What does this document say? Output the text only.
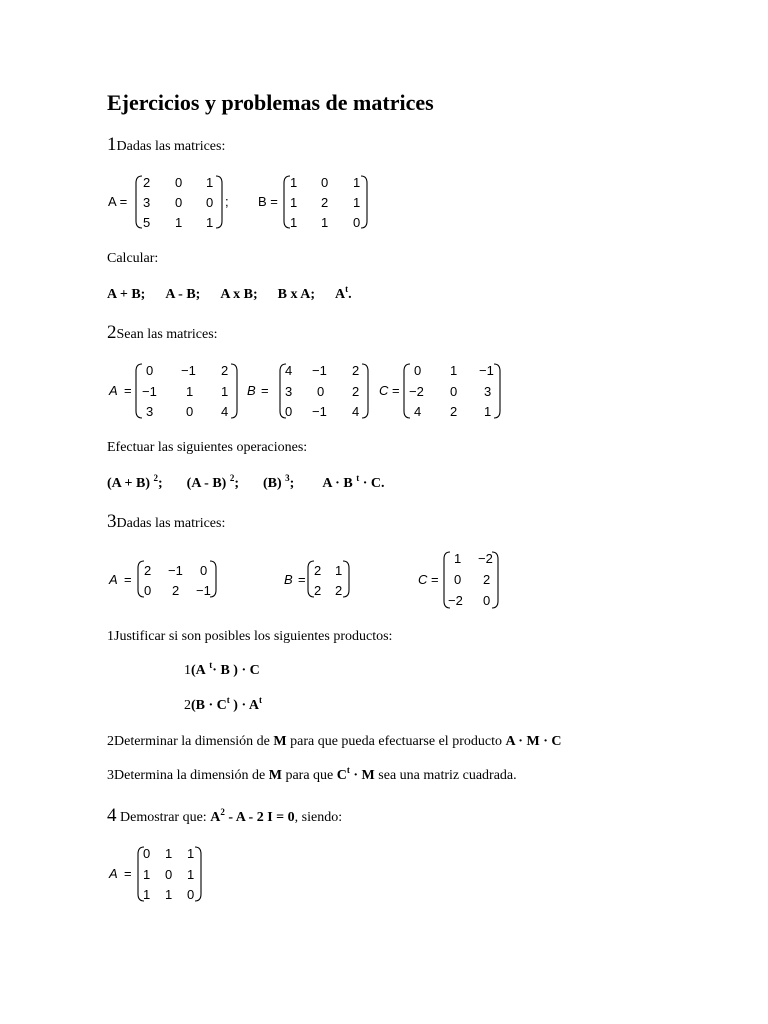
Ejercicios y problemas de matrices
1Dadas las matrices:
A =
2 0 1
3 0 0
5 1 1
; B =
1 0 1
1 2 1
1 1 0
Calcular:
A + B; A - B; A x B; B x A; $A^t$.
2Sean las matrices:
A =
0 −1 2
−1 1 1
3	0 4
B =
4 −1 2
3 0 2
0 −1 4
C =
0 1 −1
−2 0 3
4 2 1
Efectuar las siguientes operaciones:
(A + B) $^2$; (A - B) $^2$; (B) $^3$; A · B $^t$ · C.
3Dadas las matrices:
A =
2 −1 0
0 2 −1
B =
2 1
2 2
C =
1 −2
0 2
−2 0
1Justificar si son posibles los siguientes productos:
1(A $^t$· B ) · C
$2(B \cdot C^t$ ) · $A^t$
2Determinar la dimensión de M para que pueda efectuarse el producto A · M · C
3Determina la dimensión de M para que $C^t \cdot M$ sea una matriz cuadrada.
4 Demostrar que: $A^2$ - A - 2 I = 0, siendo:
A =
0 1 1
1 0 1
1 1 0
